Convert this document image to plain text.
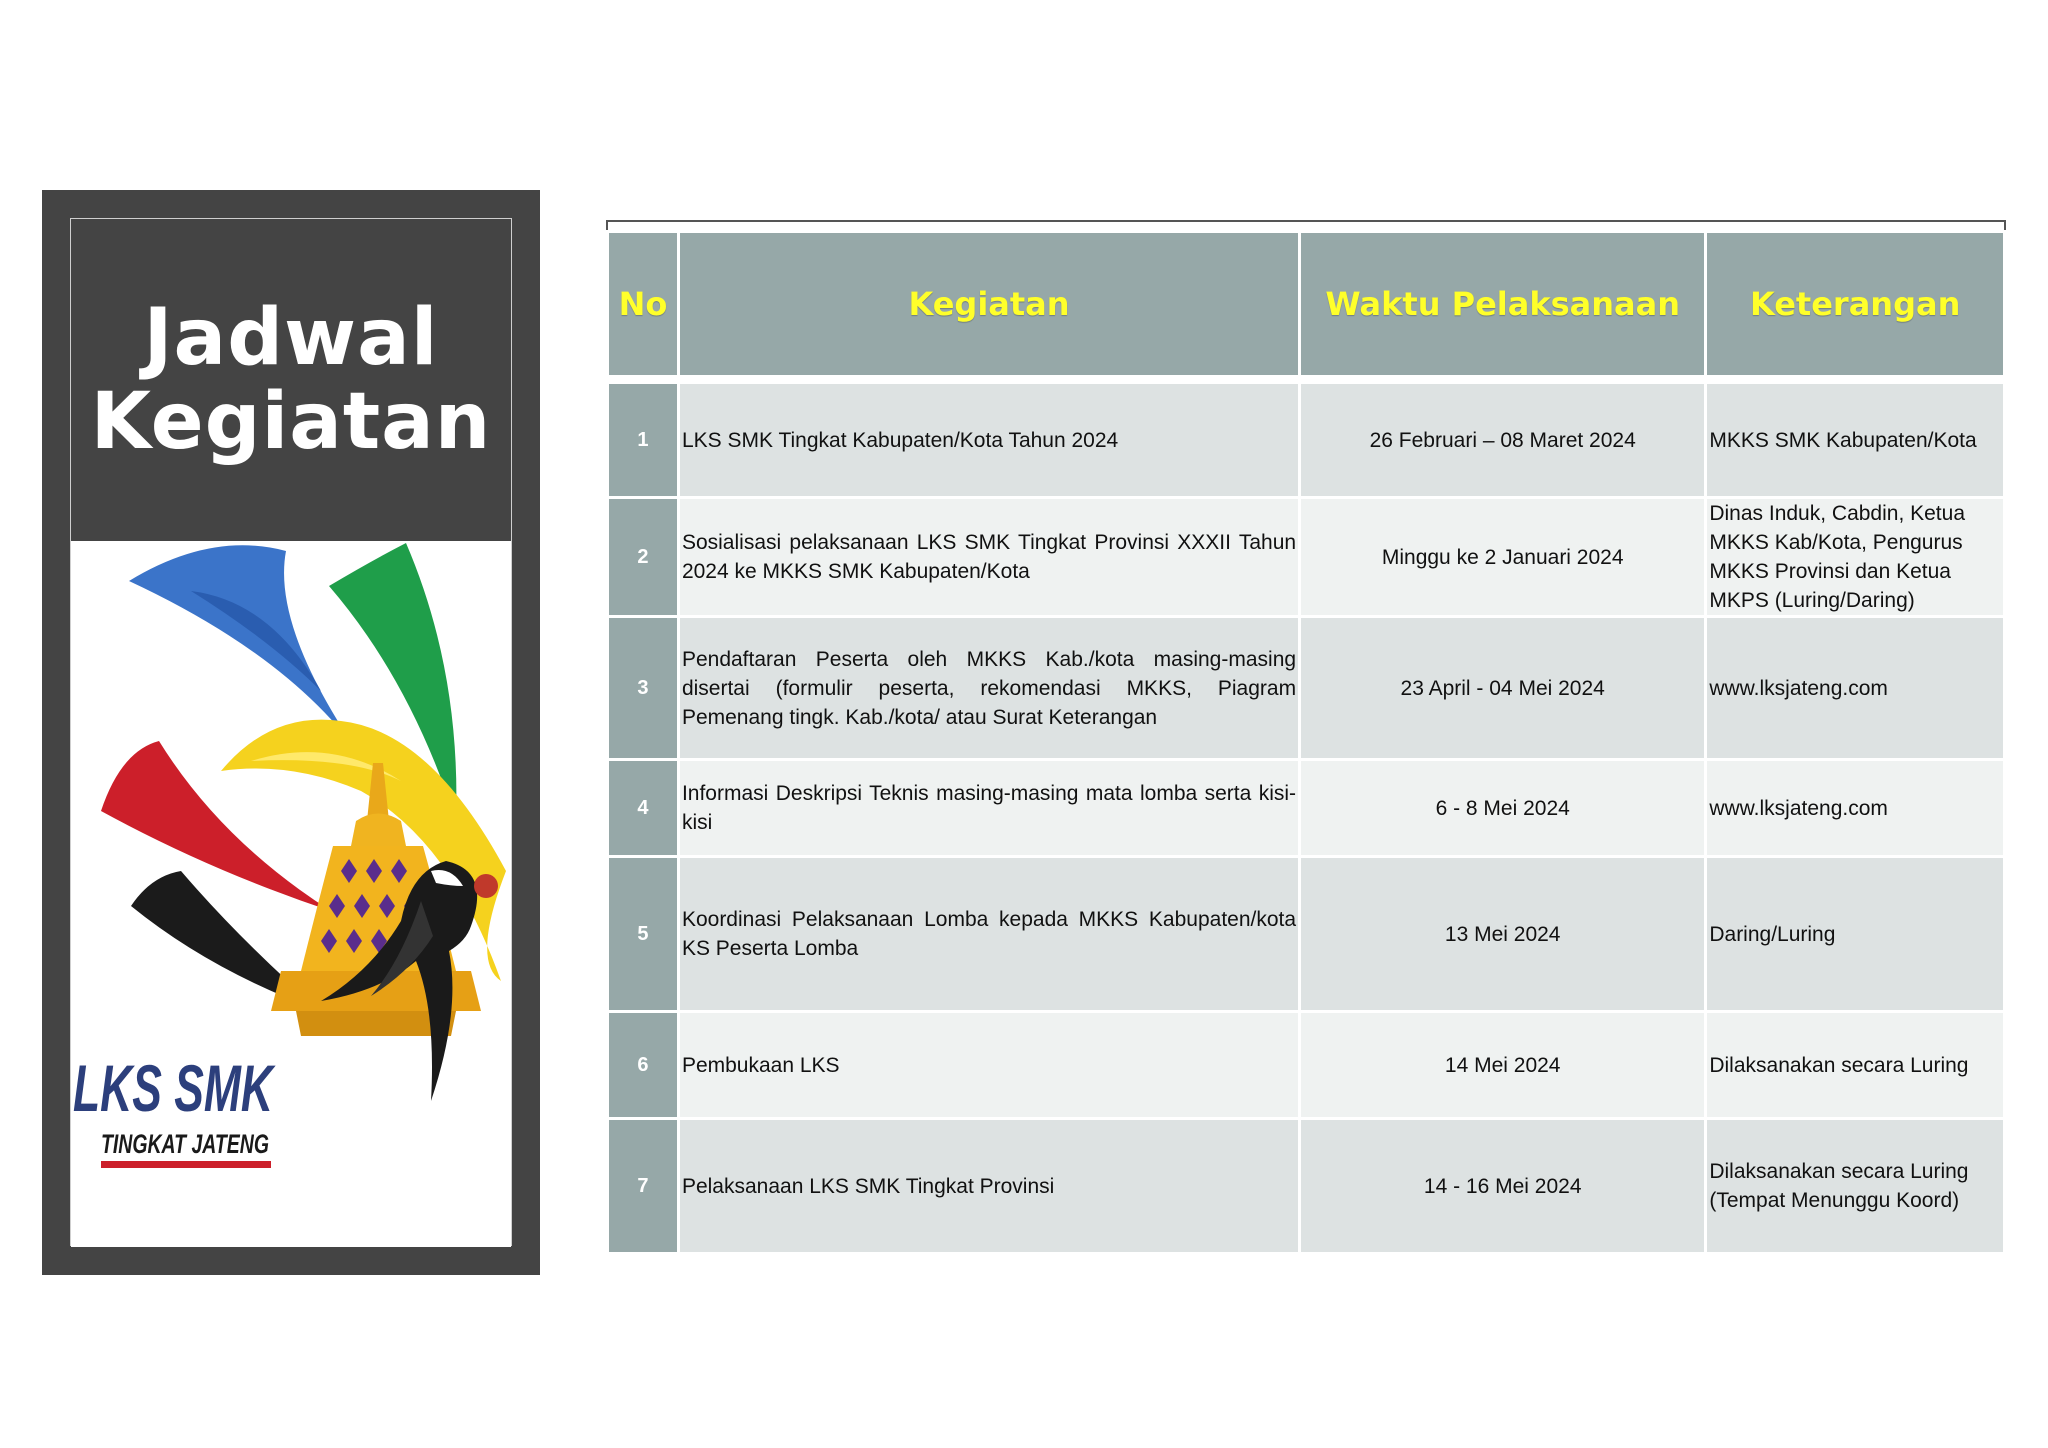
Jadwal
Kegiatan
LKS SMK
TINGKAT JATENG
No	Kegiatan	Waktu Pelaksanaan	Keterangan

1	LKS SMK Tingkat Kabupaten/Kota Tahun 2024	26 Februari – 08 Maret 2024	MKKS SMK Kabupaten/Kota
2	Sosialisasi pelaksanaan LKS SMK Tingkat Provinsi XXXII Tahun 2024 ke MKKS SMK Kabupaten/Kota	Minggu ke 2 Januari 2024	Dinas Induk, Cabdin, Ketua MKKS Kab/Kota, Pengurus MKKS Provinsi dan Ketua MKPS (Luring/Daring)
3	Pendaftaran Peserta oleh MKKS Kab./kota masing-masing disertai (formulir peserta, rekomendasi MKKS, Piagram Pemenang tingk. Kab./kota/ atau Surat Keterangan	23 April - 04 Mei 2024	www.lksjateng.com
4	Informasi Deskripsi Teknis masing-masing mata lomba serta kisi-kisi	6 - 8 Mei 2024	www.lksjateng.com
5	Koordinasi Pelaksanaan Lomba kepada MKKS Kabupaten/kota KS Peserta Lomba	13 Mei 2024	Daring/Luring
6	Pembukaan LKS	14 Mei 2024	Dilaksanakan secara Luring
7	Pelaksanaan LKS SMK Tingkat Provinsi	14 - 16 Mei 2024	Dilaksanakan secara Luring (Tempat Menunggu Koord)
